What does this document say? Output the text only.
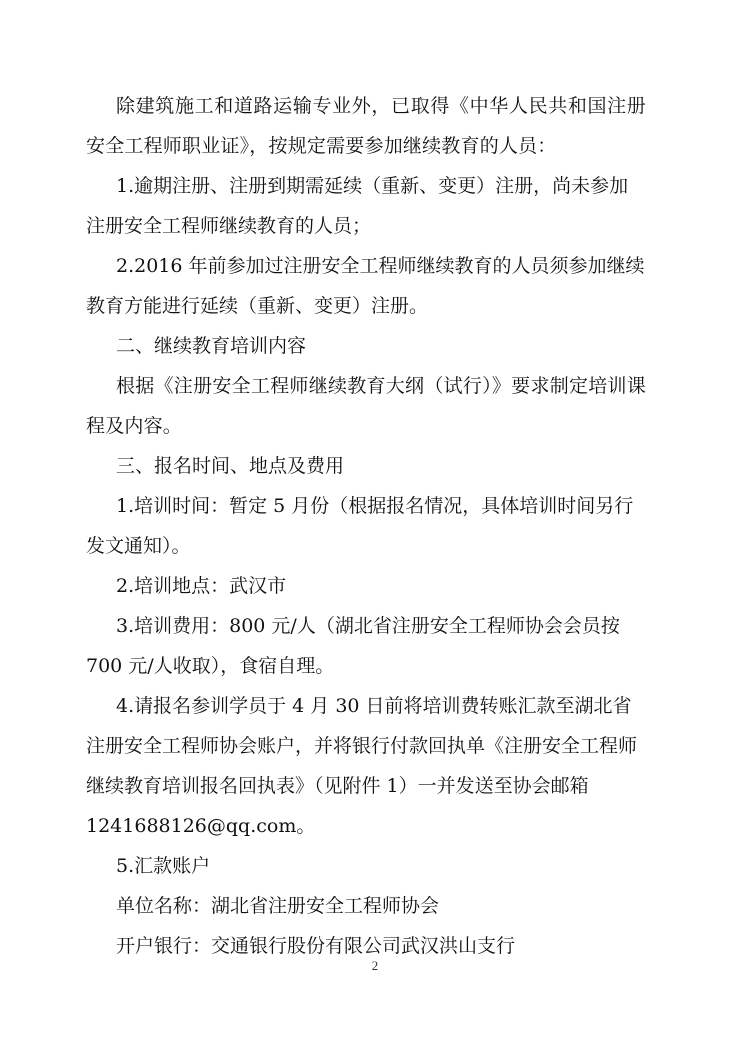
除建筑施工和道路运输专业外，已取得《中华人民共和国注册安全工程师职业证》，按规定需要参加继续教育的人员：

1.逾期注册、注册到期需延续（重新、变更）注册，尚未参加注册安全工程师继续教育的人员；

2.2016 年前参加过注册安全工程师继续教育的人员须参加继续教育方能进行延续（重新、变更）注册。

二、继续教育培训内容

根据《注册安全工程师继续教育大纲（试行）》要求制定培训课程及内容。

三、报名时间、地点及费用

1.培训时间：暂定 5 月份（根据报名情况，具体培训时间另行发文通知）。

2.培训地点：武汉市

3.培训费用：800 元/人（湖北省注册安全工程师协会会员按700 元/人收取），食宿自理。

4.请报名参训学员于 4 月 30 日前将培训费转账汇款至湖北省注册安全工程师协会账户，并将银行付款回执单《注册安全工程师继续教育培训报名回执表》（见附件 1）一并发送至协会邮箱1241688126@qq.com。

5.汇款账户

单位名称：湖北省注册安全工程师协会

开户银行：交通银行股份有限公司武汉洪山支行

2
